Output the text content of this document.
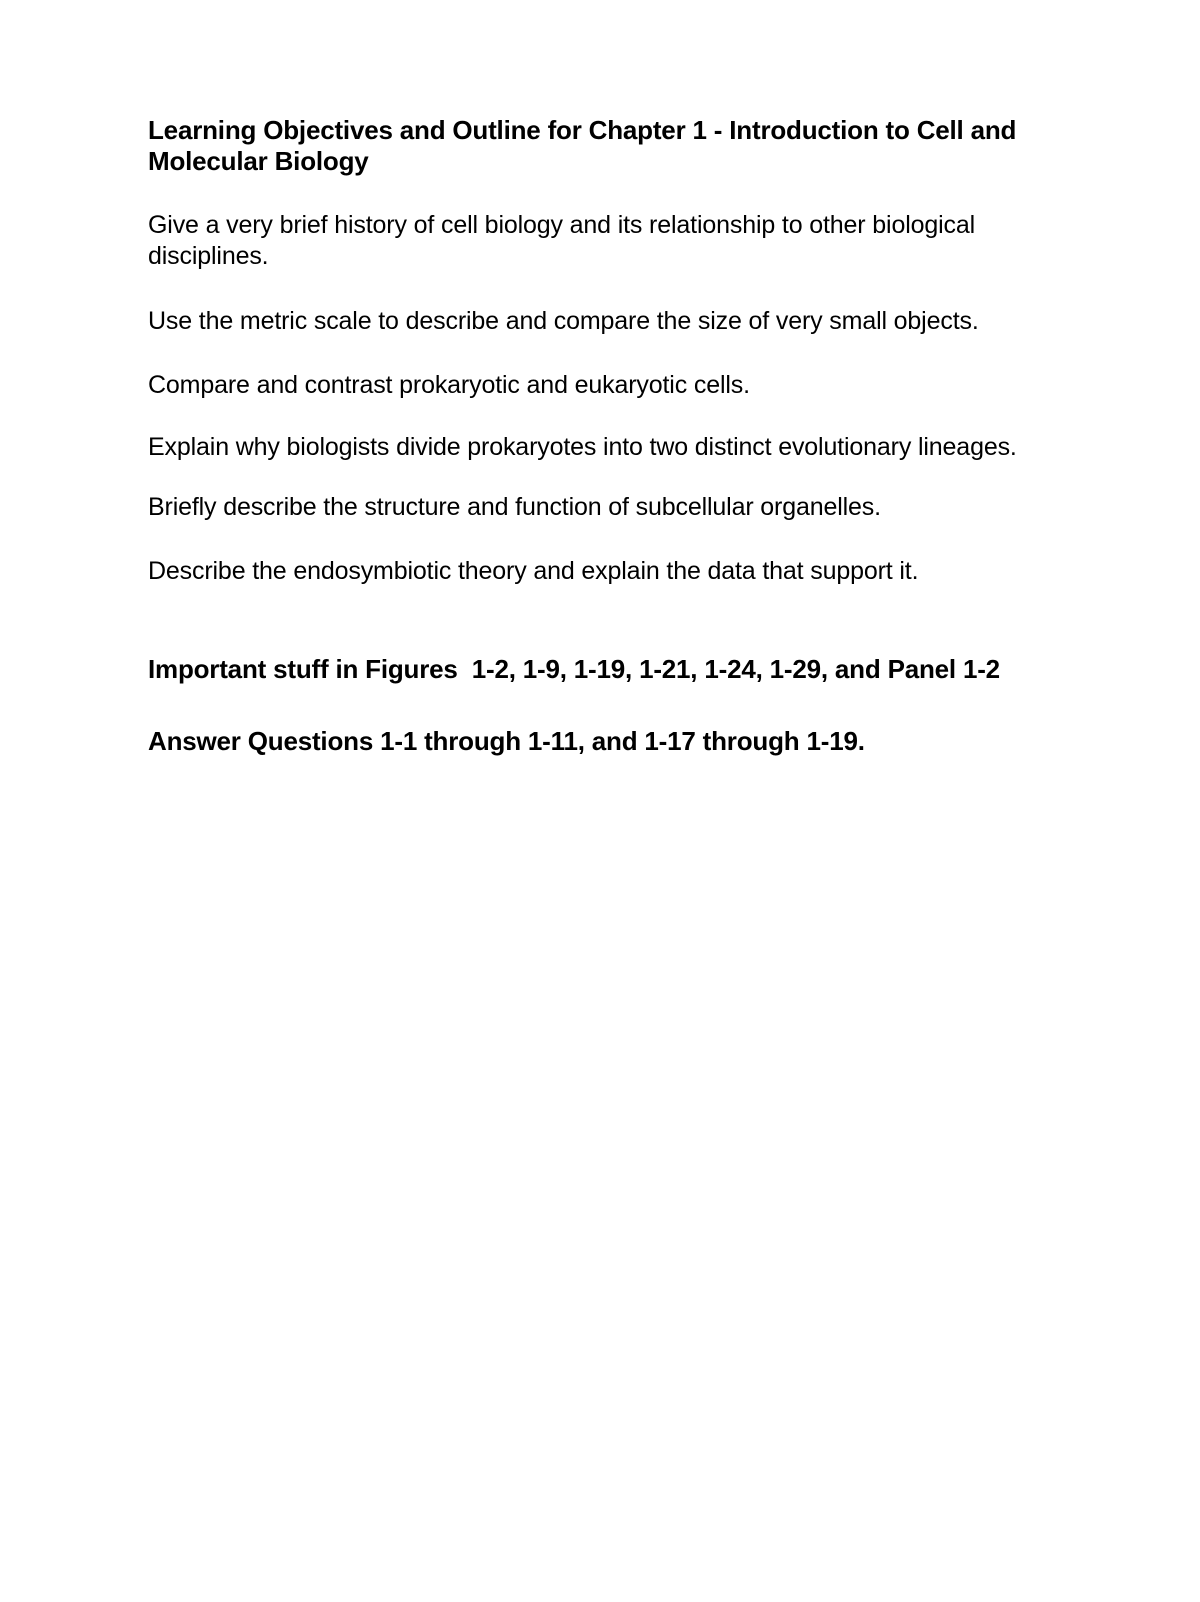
Learning Objectives and Outline for Chapter 1 - Introduction to Cell and Molecular Biology

Give a very brief history of cell biology and its relationship to other biological disciplines.

Use the metric scale to describe and compare the size of very small objects.

Compare and contrast prokaryotic and eukaryotic cells.

Explain why biologists divide prokaryotes into two distinct evolutionary lineages.

Briefly describe the structure and function of subcellular organelles.

Describe the endosymbiotic theory and explain the data that support it.

Important stuff in Figures  1-2, 1-9, 1-19, 1-21, 1-24, 1-29, and Panel 1-2

Answer Questions 1-1 through 1-11, and 1-17 through 1-19.
